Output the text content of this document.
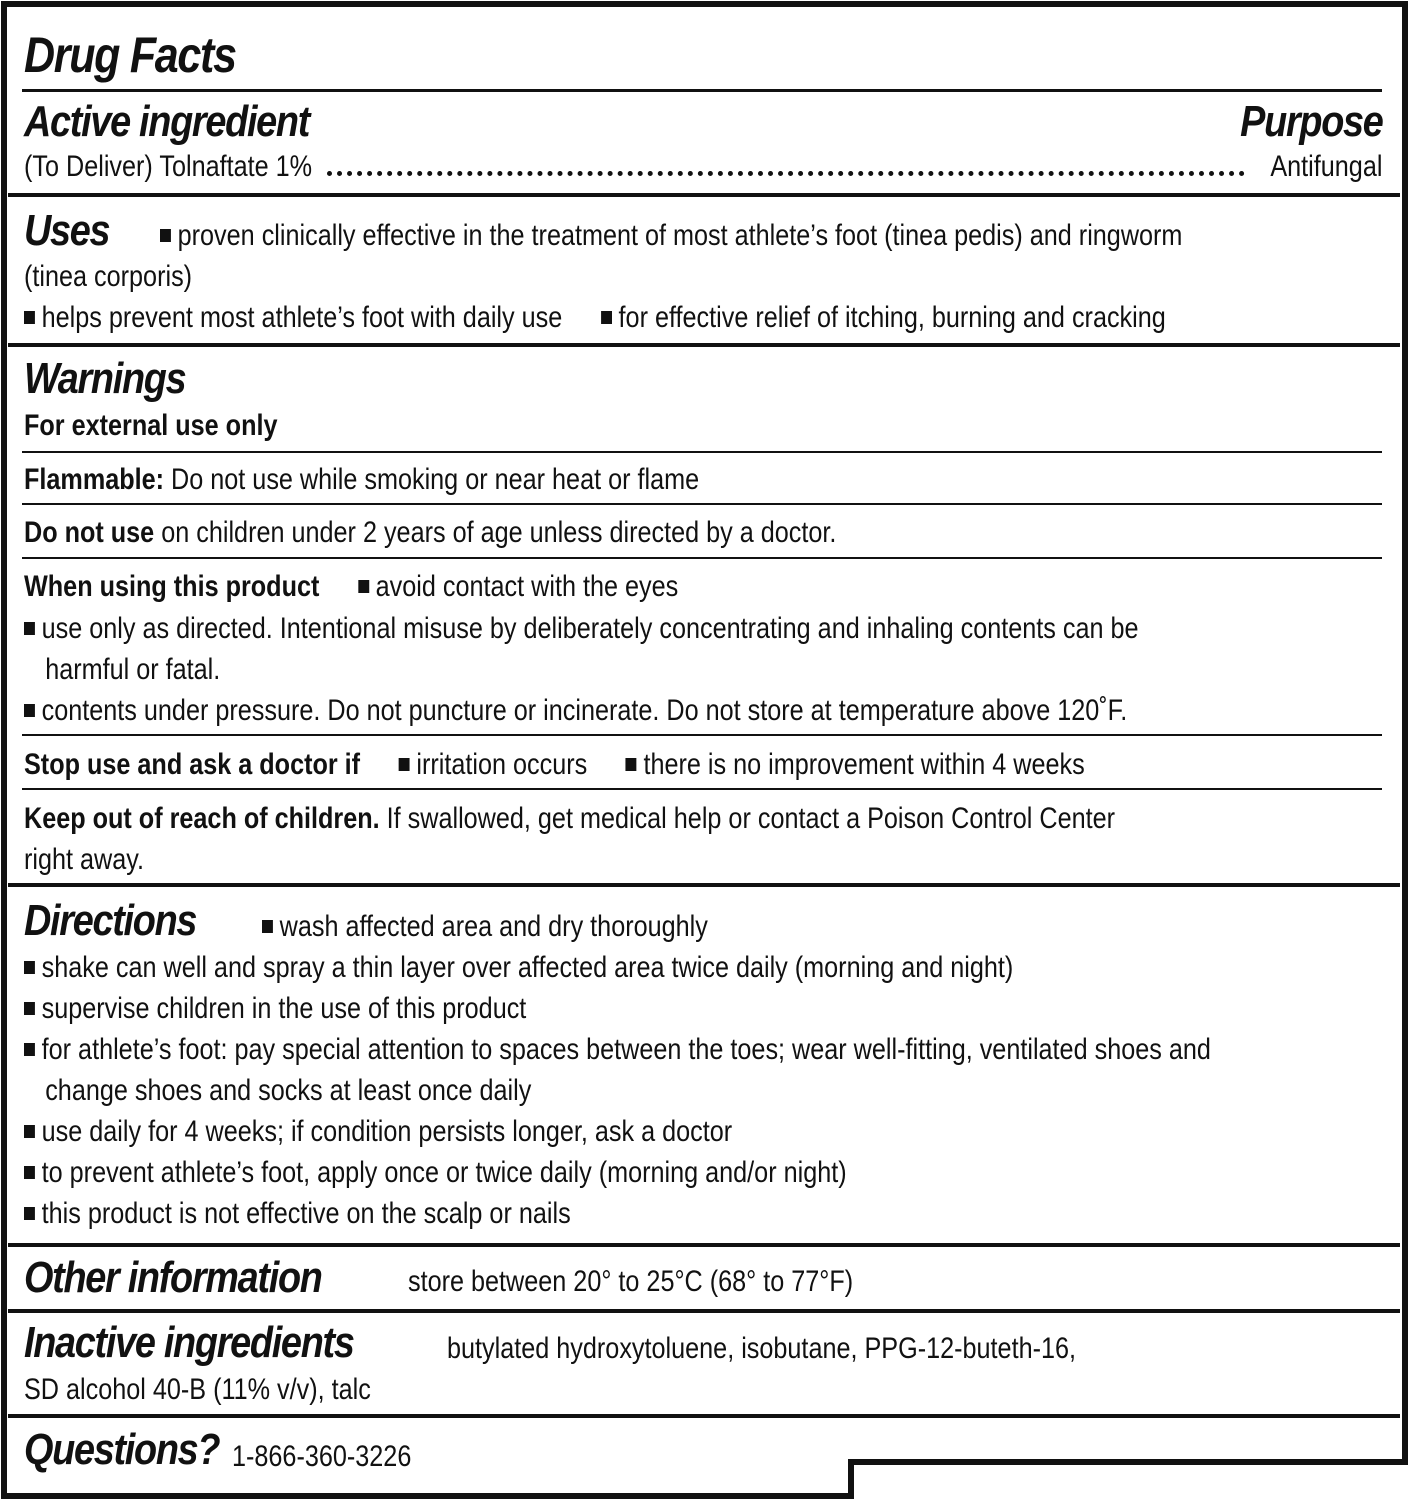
Drug Facts
Active ingredient	Purpose
(To Deliver) Tolnaftate 1%	Antifungal
Uses	proven clinically effective in the treatment of most athlete’s foot (tinea pedis) and ringworm
(tinea corporis)
helps prevent most athlete’s foot with daily use for effective relief of itching, burning and cracking
Warnings
For external use only
Flammable: Do not use while smoking or near heat or flame
Do not use on children under 2 years of age unless directed by a doctor.
When using this product avoid contact with the eyes
use only as directed. Intentional misuse by deliberately concentrating and inhaling contents can be
harmful or fatal.
contents under pressure. Do not puncture or incinerate. Do not store at temperature above 120˚F.
Stop use and ask a doctor if irritation occurs there is no improvement within 4 weeks
Keep out of reach of children. If swallowed, get medical help or contact a Poison Control Center
right away.
Directions	wash affected area and dry thoroughly
shake can well and spray a thin layer over affected area twice daily (morning and night)
supervise children in the use of this product
for athlete’s foot: pay special attention to spaces between the toes; wear well-fitting, ventilated shoes and
change shoes and socks at least once daily
use daily for 4 weeks; if condition persists longer, ask a doctor
to prevent athlete’s foot, apply once or twice daily (morning and/or night)
this product is not effective on the scalp or nails
Other information	store between 20° to 25°C (68° to 77°F)
Inactive ingredients	butylated hydroxytoluene, isobutane, PPG-12-buteth-16,
SD alcohol 40-B (11% v/v), talc
Questions? 1-866-360-3226
